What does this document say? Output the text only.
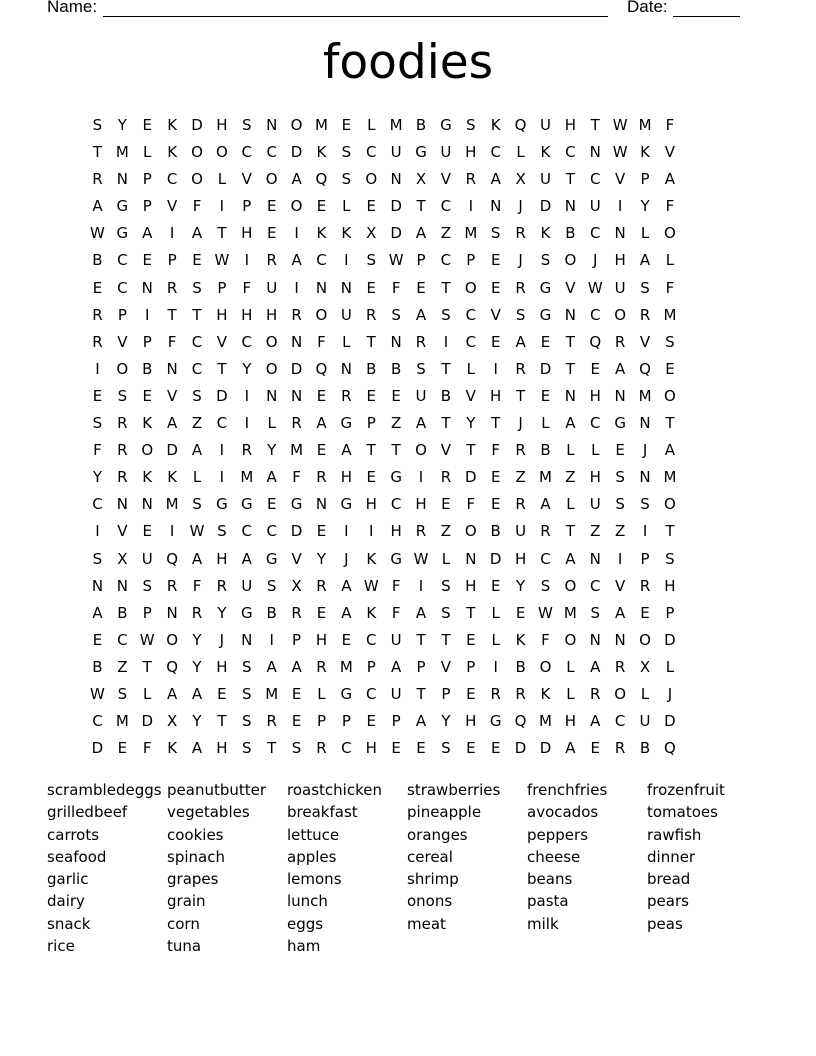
Name:	Date:
foodies
S	Y	E	K D H S N O M E	L M B G S	K Q U H T W M F
T M L	K O O C C D K	S C U G U H C	L	K C N W K V
R N P	C O L	V O A Q S O N X V R A X U T	C V	P	A
A G P	V	F	I	P	E O E	L	E D T	C	I	N	J	D N U	I	Y	F
W G A	I	A	T H E	I	K	K X D A Z M S R K B C N	L O
B C E	P	E W	I	R A C	I	S W P	C	P	E	J	S O	J	H A	L
E C N R S	P	F	U	I	N N E	F	E	T O E R G V W U S	F
R	P	I	T	T H H H R O U R S	A S C V S G N C O R M
R V	P	F	C V C O N F	L	T N R	I	C E	A	E	T Q R V S
I	O B N C	T	Y O D Q N B B S	T	L	I	R D T	E	A Q E
E	S	E	V S D	I	N N E R E	E U B V H T	E N H N M O
S R K A Z C	I	L	R A G P	Z A	T	Y	T	J	L	A C G N T
F	R O D A	I	R	Y M E	A	T	T O V	T	F	R B	L	L	E	J	A
Y	R K	K	L	I	M A	F	R H E G	I	R D E	Z M Z H S N M
C N N M S G G E G N G H C H E	F	E R A	L	U S	S O
I	V	E	I	W S C C D E	I	I	H R Z O B U R	T	Z Z	I	T
S X U Q A H A G V	Y	J	K G W L	N D H C A N	I	P	S
N N S R	F	R U S X R A W F	I	S H E	Y	S O C V R H
A B	P N R	Y G B R E	A K	F	A S	T	L	E W M S	A	E	P
E C W O Y	J	N	I	P H E C U T	T	E	L	K	F O N N O D
B Z	T Q Y H S	A A R M P	A	P	V	P	I	B O L	A R X	L
W S	L	A A	E	S M E	L G C U T	P	E R R K	L	R O L	J
C M D X	Y	T	S R E	P	P	E	P	A	Y H G Q M H A C U D
D E	F	K A H S	T	S R C H E	E	S	E	E D D A	E R B Q
scrambledeggs peanutbutter	roastchicken	strawberries	frenchfries	frozenfruit
grilledbeef	vegetables	breakfast	pineapple	avocados	tomatoes
carrots	cookies	lettuce	oranges	peppers	rawfish
seafood	spinach	apples	cereal	cheese	dinner
garlic	grapes	lemons	shrimp	beans	bread
dairy	grain	lunch	onons	pasta	pears
snack	corn	eggs	meat	milk	peas
rice	tuna	ham
